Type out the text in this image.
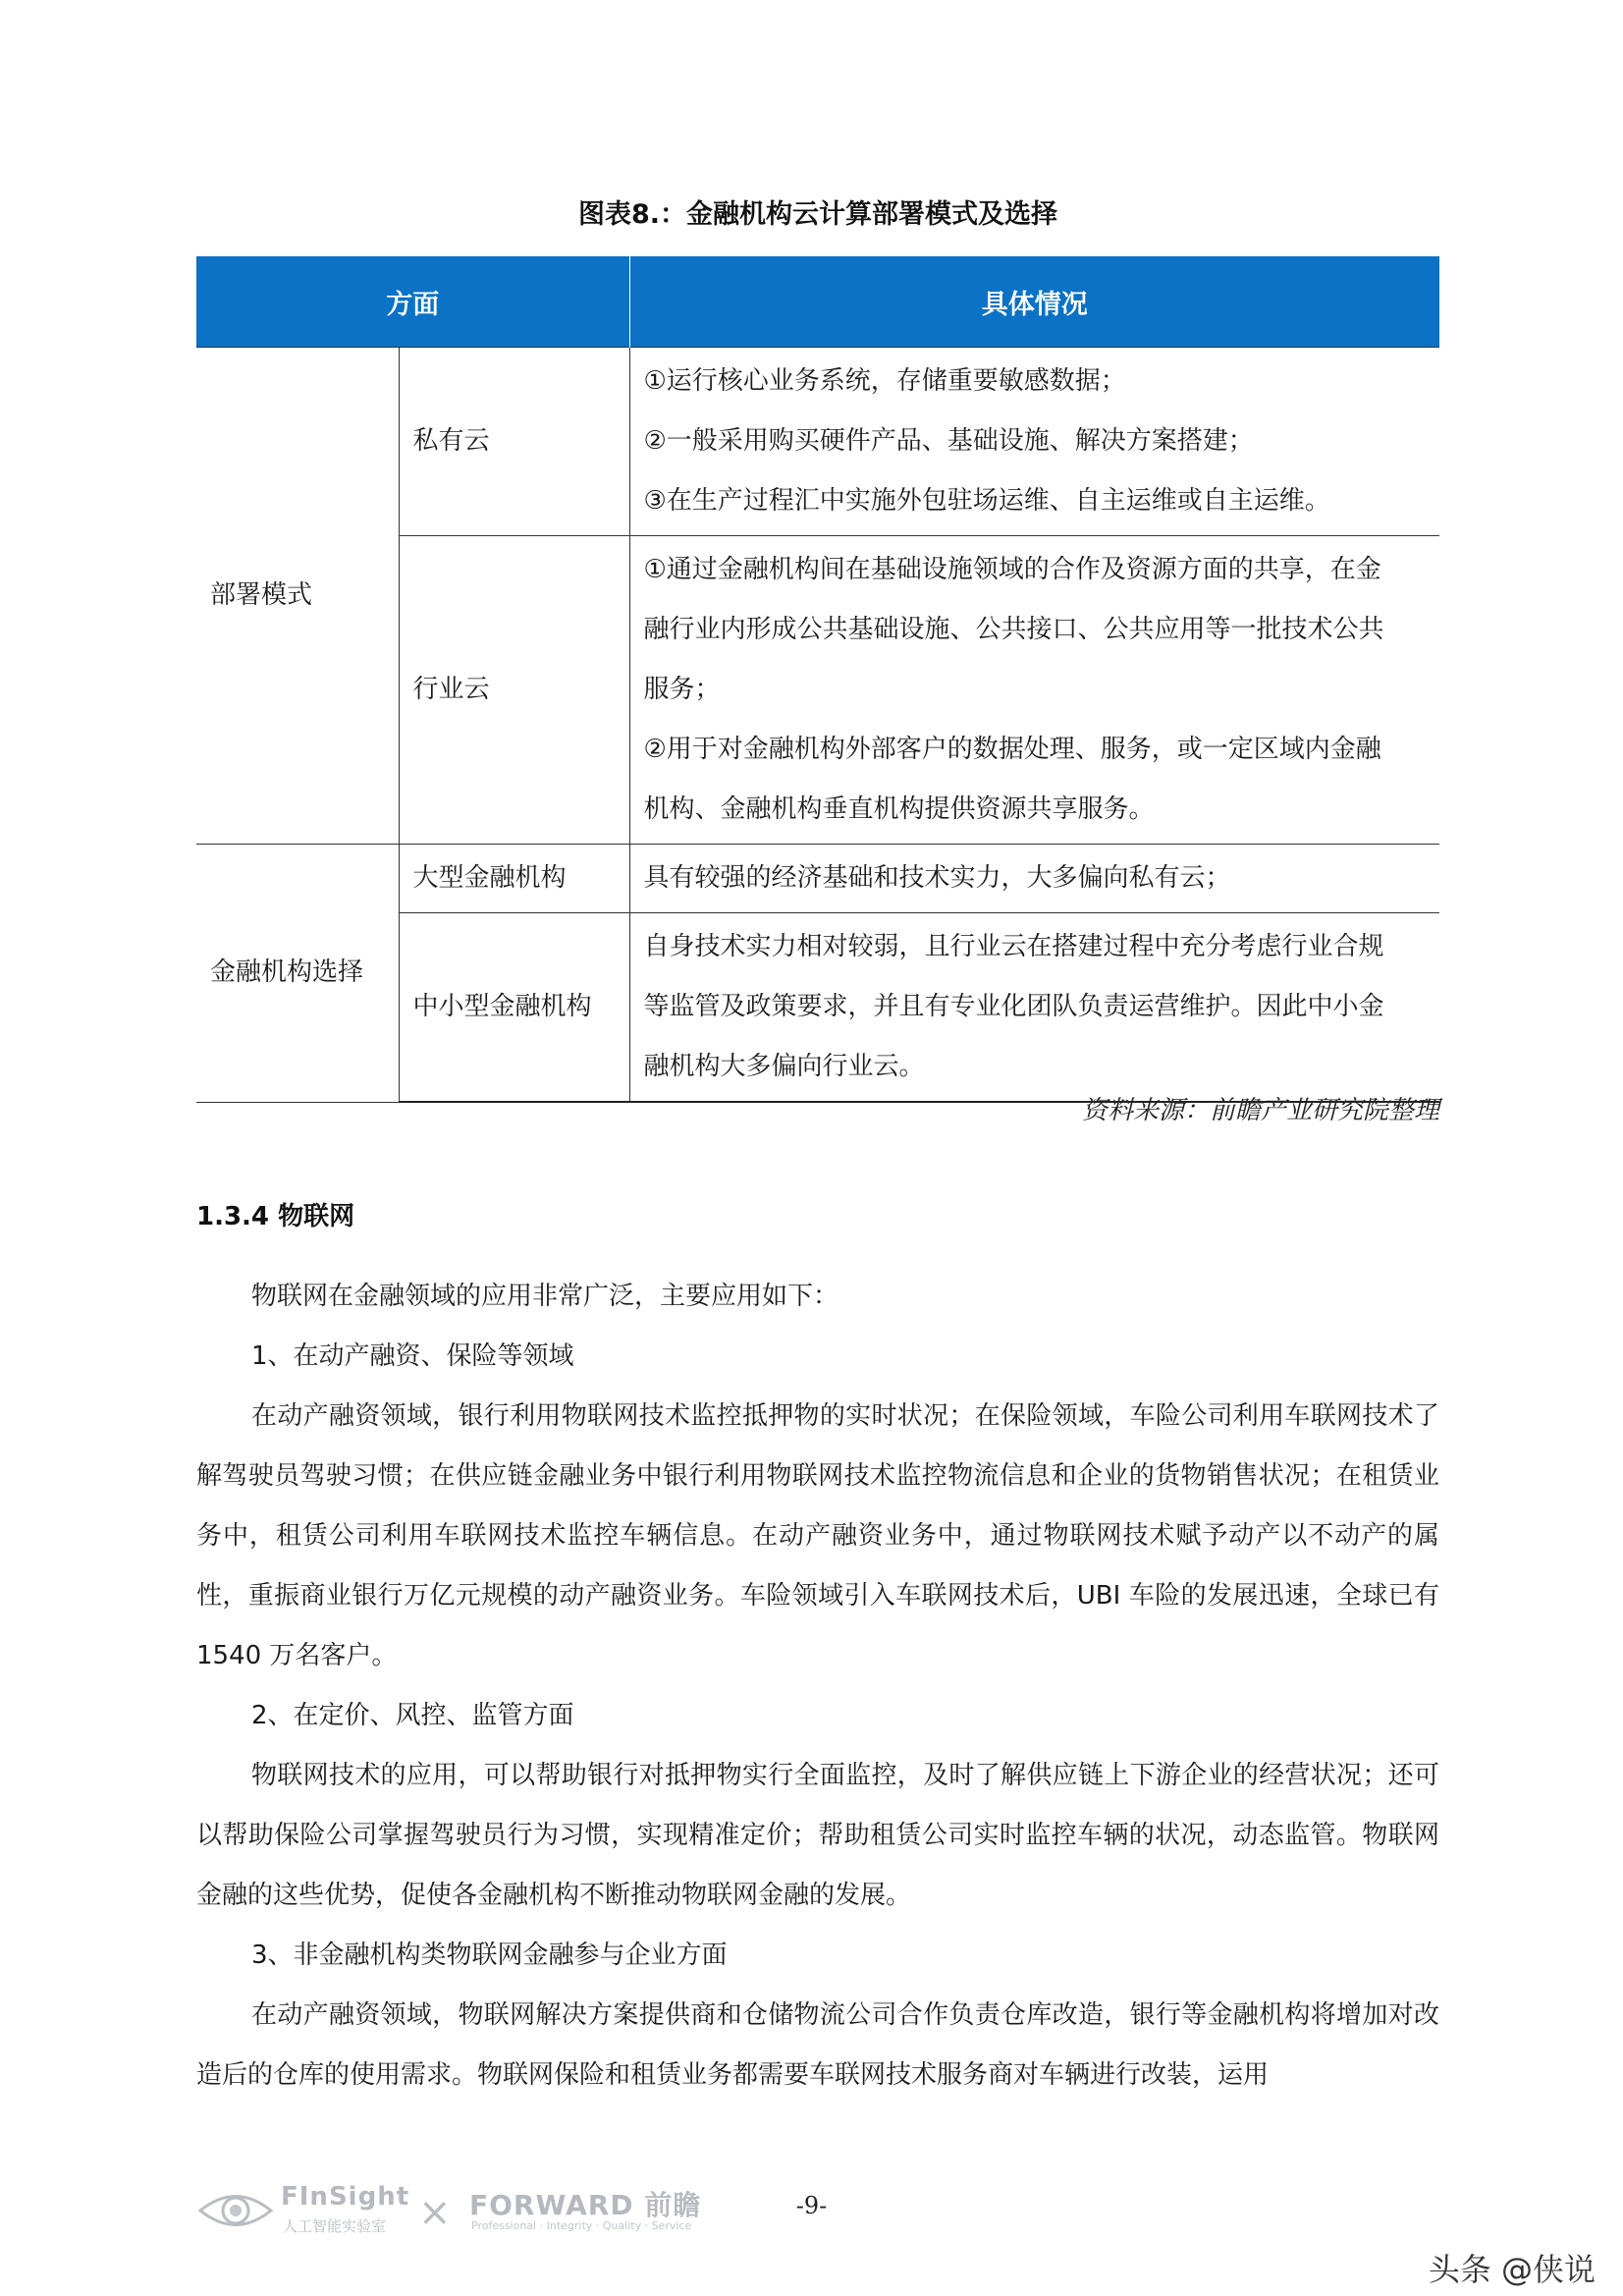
图表8.：金融机构云计算部署模式及选择
方面		具体情况
部署模式	私有云	①运行核心业务系统，存储重要敏感数据；
②一般采用购买硬件产品、基础设施、解决方案搭建；
③在生产过程汇中实施外包驻场运维、自主运维或自主运维。

	行业云	①通过金融机构间在基础设施领域的合作及资源方面的共享，在金
融行业内形成公共基础设施、公共接口、公共应用等一批技术公共
服务；
②用于对金融机构外部客户的数据处理、服务，或一定区域内金融
机构、金融机构垂直机构提供资源共享服务。

金融机构选择	大型金融机构	具有较强的经济基础和技术实力，大多偏向私有云；

	中小型金融机构	自身技术实力相对较弱，且行业云在搭建过程中充分考虑行业合规
等监管及政策要求，并且有专业化团队负责运营维护。因此中小金
融机构大多偏向行业云。
资料来源：前瞻产业研究院整理
1.3.4 物联网

物联网在金融领域的应用非常广泛，主要应用如下：

1、在动产融资、保险等领域

在动产融资领域，银行利用物联网技术监控抵押物的实时状况；在保险领域，车险公司利用车联网技术了解驾驶员驾驶习惯；在供应链金融业务中银行利用物联网技术监控物流信息和企业的货物销售状况；在租赁业务中，租赁公司利用车联网技术监控车辆信息。在动产融资业务中，通过物联网技术赋予动产以不动产的属性，重振商业银行万亿元规模的动产融资业务。车险领域引入车联网技术后，UBI 车险的发展迅速，全球已有 1540 万名客户。

2、在定价、风控、监管方面

物联网技术的应用，可以帮助银行对抵押物实行全面监控，及时了解供应链上下游企业的经营状况；还可以帮助保险公司掌握驾驶员行为习惯，实现精准定价；帮助租赁公司实时监控车辆的状况，动态监管。物联网金融的这些优势，促使各金融机构不断推动物联网金融的发展。

3、非金融机构类物联网金融参与企业方面

在动产融资领域，物联网解决方案提供商和仓储物流公司合作负责仓库改造，银行等金融机构将增加对改造后的仓库的使用需求。物联网保险和租赁业务都需要车联网技术服务商对车辆进行改装，运用

FInSight
人工智能实验室 × FORWARD 前瞻
Professional · Integrity · Quality · Service
-9-
头条 @侠说
